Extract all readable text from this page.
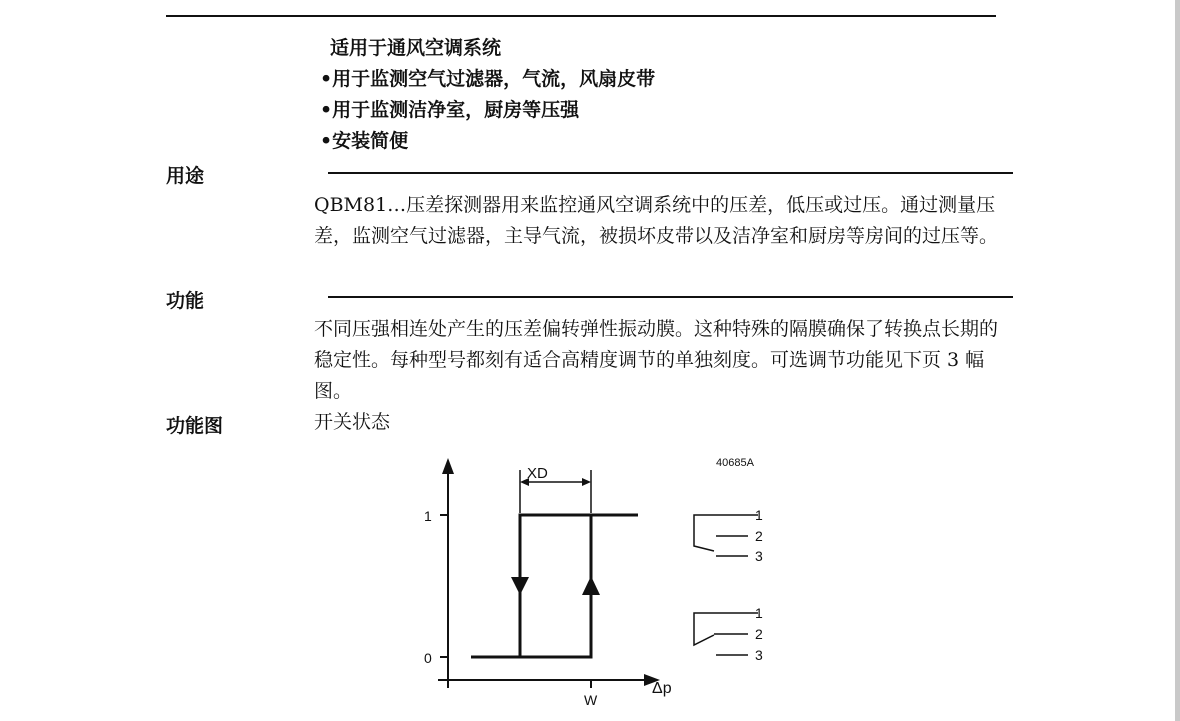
适用于通风空调系统
•用于监测空气过滤器，气流，风扇皮带
•用于监测洁净室，厨房等压强
•安装简便
用途
QBM81…压差探测器用来监控通风空调系统中的压差，低压或过压。通过测量压差，监测空气过滤器，主导气流，被损坏皮带以及洁净室和厨房等房间的过压等。
功能
不同压强相连处产生的压差偏转弹性振动膜。这种特殊的隔膜确保了转换点长期的稳定性。每种型号都刻有适合高精度调节的单独刻度。可选调节功能见下页 3 幅图。
功能图	开关状态
40685A
XD
1
0
W
Δp
1
2
3
1
2
3
